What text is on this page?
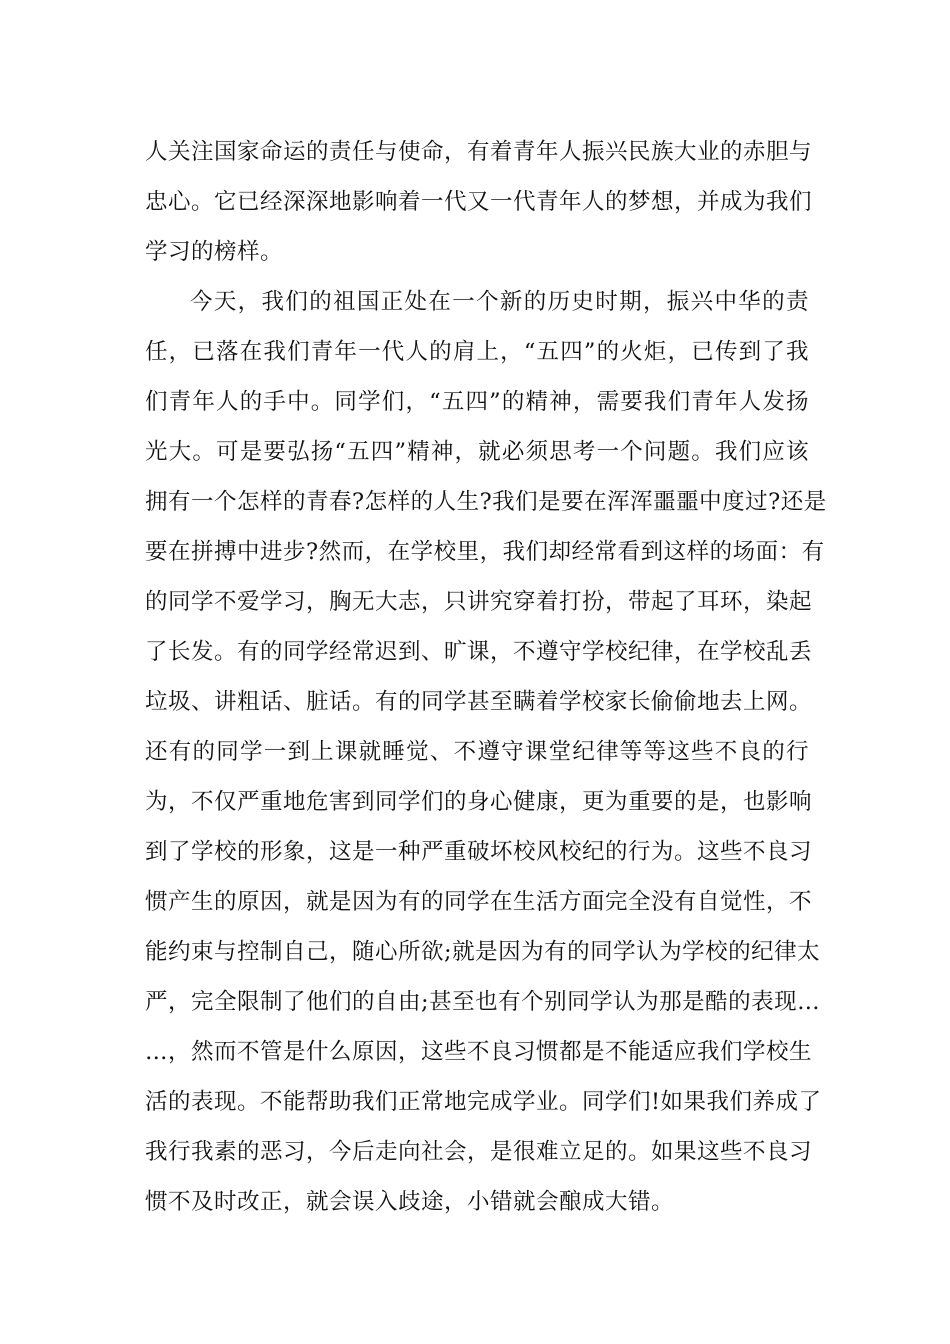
人关注国家命运的责任与使命，有着青年人振兴民族大业的赤胆与
忠心。它已经深深地影响着一代又一代青年人的梦想，并成为我们
学习的榜样。
今天，我们的祖国正处在一个新的历史时期，振兴中华的责
任，已落在我们青年一代人的肩上，“五四”的火炬，已传到了我
们青年人的手中。同学们，“五四”的精神，需要我们青年人发扬
光大。可是要弘扬“五四”精神，就必须思考一个问题。我们应该
拥有一个怎样的青春?怎样的人生?我们是要在浑浑噩噩中度过?还是
要在拼搏中进步?然而，在学校里，我们却经常看到这样的场面：有
的同学不爱学习，胸无大志，只讲究穿着打扮，带起了耳环，染起
了长发。有的同学经常迟到、旷课，不遵守学校纪律，在学校乱丢
垃圾、讲粗话、脏话。有的同学甚至瞒着学校家长偷偷地去上网。
还有的同学一到上课就睡觉、不遵守课堂纪律等等这些不良的行
为，不仅严重地危害到同学们的身心健康，更为重要的是，也影响
到了学校的形象，这是一种严重破坏校风校纪的行为。这些不良习
惯产生的原因，就是因为有的同学在生活方面完全没有自觉性，不
能约束与控制自己，随心所欲;就是因为有的同学认为学校的纪律太
严，完全限制了他们的自由;甚至也有个别同学认为那是酷的表现…
…，然而不管是什么原因，这些不良习惯都是不能适应我们学校生
活的表现。不能帮助我们正常地完成学业。同学们!如果我们养成了
我行我素的恶习，今后走向社会，是很难立足的。如果这些不良习
惯不及时改正，就会误入歧途，小错就会酿成大错。
